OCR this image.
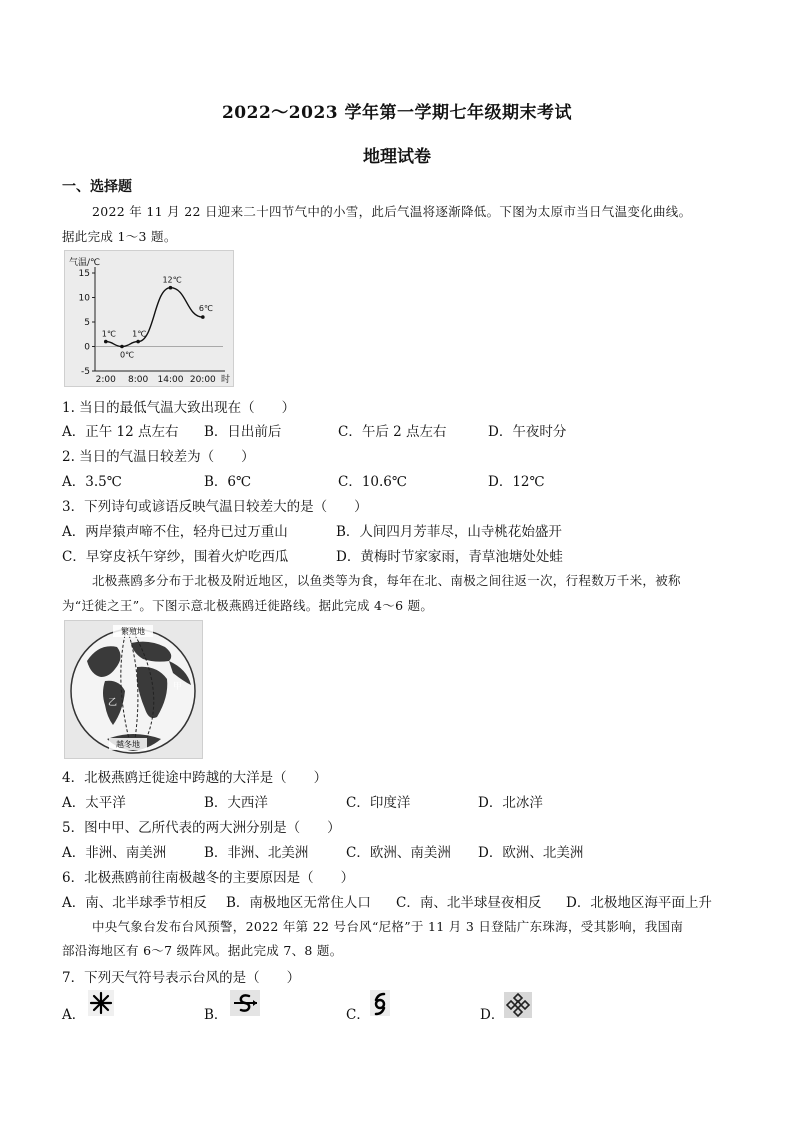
2022～2023 学年第一学期七年级期末考试
地理试卷
一、选择题
2022 年 11 月 22 日迎来二十四节气中的小雪，此后气温将逐渐降低。下图为太原市当日气温变化曲线。
据此完成 1～3 题。
气温/℃
15
10
5
0
-5
2:00 8:00 14:00 20:00 时
1℃
0℃
1℃
12℃
6℃
1. 当日的最低气温大致出现在（　　）
A．正午 12 点左右 B．日出前后	C．午后 2 点左右	D．午夜时分
2. 当日的气温日较差为（　　）
A．3.5℃	B．6℃	C．10.6℃	D．12℃
3．下列诗句或谚语反映气温日较差大的是（　　）
A．两岸猿声啼不住，轻舟已过万重山	B．人间四月芳菲尽，山寺桃花始盛开
C．早穿皮袄午穿纱，围着火炉吃西瓜	D．黄梅时节家家雨，青草池塘处处蛙
北极燕鸥多分布于北极及附近地区，以鱼类等为食，每年在北、南极之间往返一次，行程数万千米，被称
为“迁徙之王”。下图示意北极燕鸥迁徙路线。据此完成 4～6 题。
繁殖地
越冬地
甲
乙
4．北极燕鸥迁徙途中跨越的大洋是（　　）
A．太平洋	B．大西洋	C．印度洋	D．北冰洋
5．图中甲、乙所代表的两大洲分别是（　　）
A．非洲、南美洲	B．非洲、北美洲	C．欧洲、南美洲 D．欧洲、北美洲
6．北极燕鸥前往南极越冬的主要原因是（　　）
A．南、北半球季节相反 B．南极地区无常住人口 C．南、北半球昼夜相反 D．北极地区海平面上升
中央气象台发布台风预警，2022 年第 22 号台风“尼格”于 11 月 3 日登陆广东珠海，受其影响，我国南
部沿海地区有 6～7 级阵风。据此完成 7、8 题。
7．下列天气符号表示台风的是（　　）
A．	B．	C．	D．
